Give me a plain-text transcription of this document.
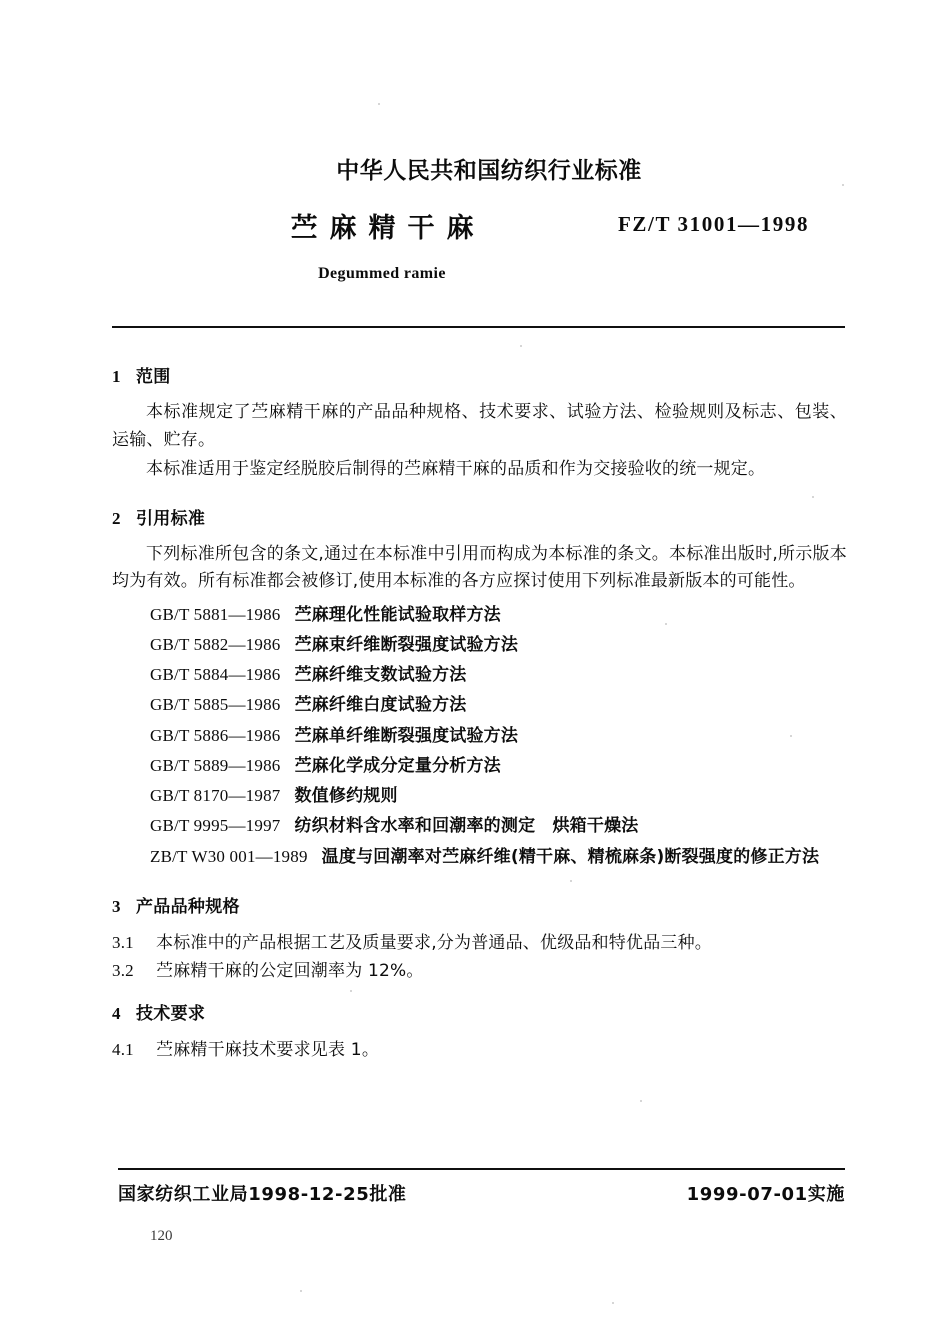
中华人民共和国纺织行业标准
苎麻精干麻	FZ/T 31001—1998
Degummed ramie
1 范围

本标准规定了苎麻精干麻的产品品种规格、技术要求、试验方法、检验规则及标志、包装、运输、贮存。

本标准适用于鉴定经脱胶后制得的苎麻精干麻的品质和作为交接验收的统一规定。

2 引用标准

下列标准所包含的条文,通过在本标准中引用而构成为本标准的条文。本标准出版时,所示版本均为有效。所有标准都会被修订,使用本标准的各方应探讨使用下列标准最新版本的可能性。

GB/T 5881—1986 苎麻理化性能试验取样方法
GB/T 5882—1986 苎麻束纤维断裂强度试验方法
GB/T 5884—1986 苎麻纤维支数试验方法
GB/T 5885—1986 苎麻纤维白度试验方法
GB/T 5886—1986 苎麻单纤维断裂强度试验方法
GB/T 5889—1986 苎麻化学成分定量分析方法
GB/T 8170—1987 数值修约规则
GB/T 9995—1997 纺织材料含水率和回潮率的测定　烘箱干燥法
ZB/T W30 001—1989 温度与回潮率对苎麻纤维(精干麻、精梳麻条)断裂强度的修正方法
3 产品品种规格

3.1 本标准中的产品根据工艺及质量要求,分为普通品、优级品和特优品三种。

3.2 苎麻精干麻的公定回潮率为 12%。

4 技术要求

4.1 苎麻精干麻技术要求见表 1。

国家纺织工业局1998-12-25批准	1999-07-01实施
120
